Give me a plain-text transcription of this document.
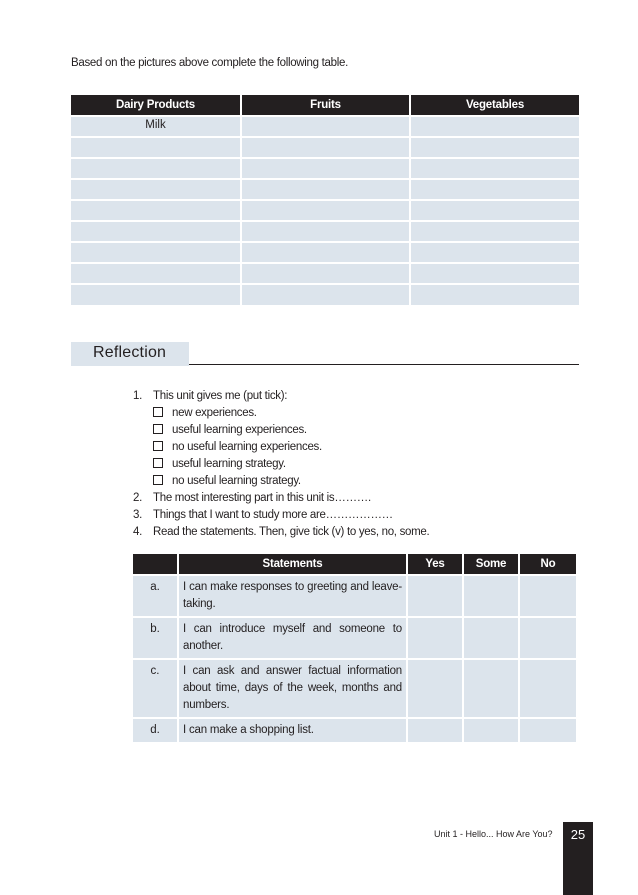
Based on the pictures above complete the following table.
Dairy Products	Fruits	Vegetables
Milk		

Reflection
1. This unit gives me (put tick):
new experiences.
useful learning experiences.
no useful learning experiences.
useful learning strategy.
no useful learning strategy.
2. The most interesting part in this unit is……….
3. Things that I want to study more are………………
4. Read the statements. Then, give tick (v) to yes, no, some.
	Statements	Yes	Some	No
a.	I can make responses to greeting and leave-taking.			
b.	I can introduce myself and someone to another.			
c.	I can ask and answer factual information about time, days of the week, months and numbers.			
d.	I can make a shopping list.			
Unit 1 - Hello... How Are You?	25
